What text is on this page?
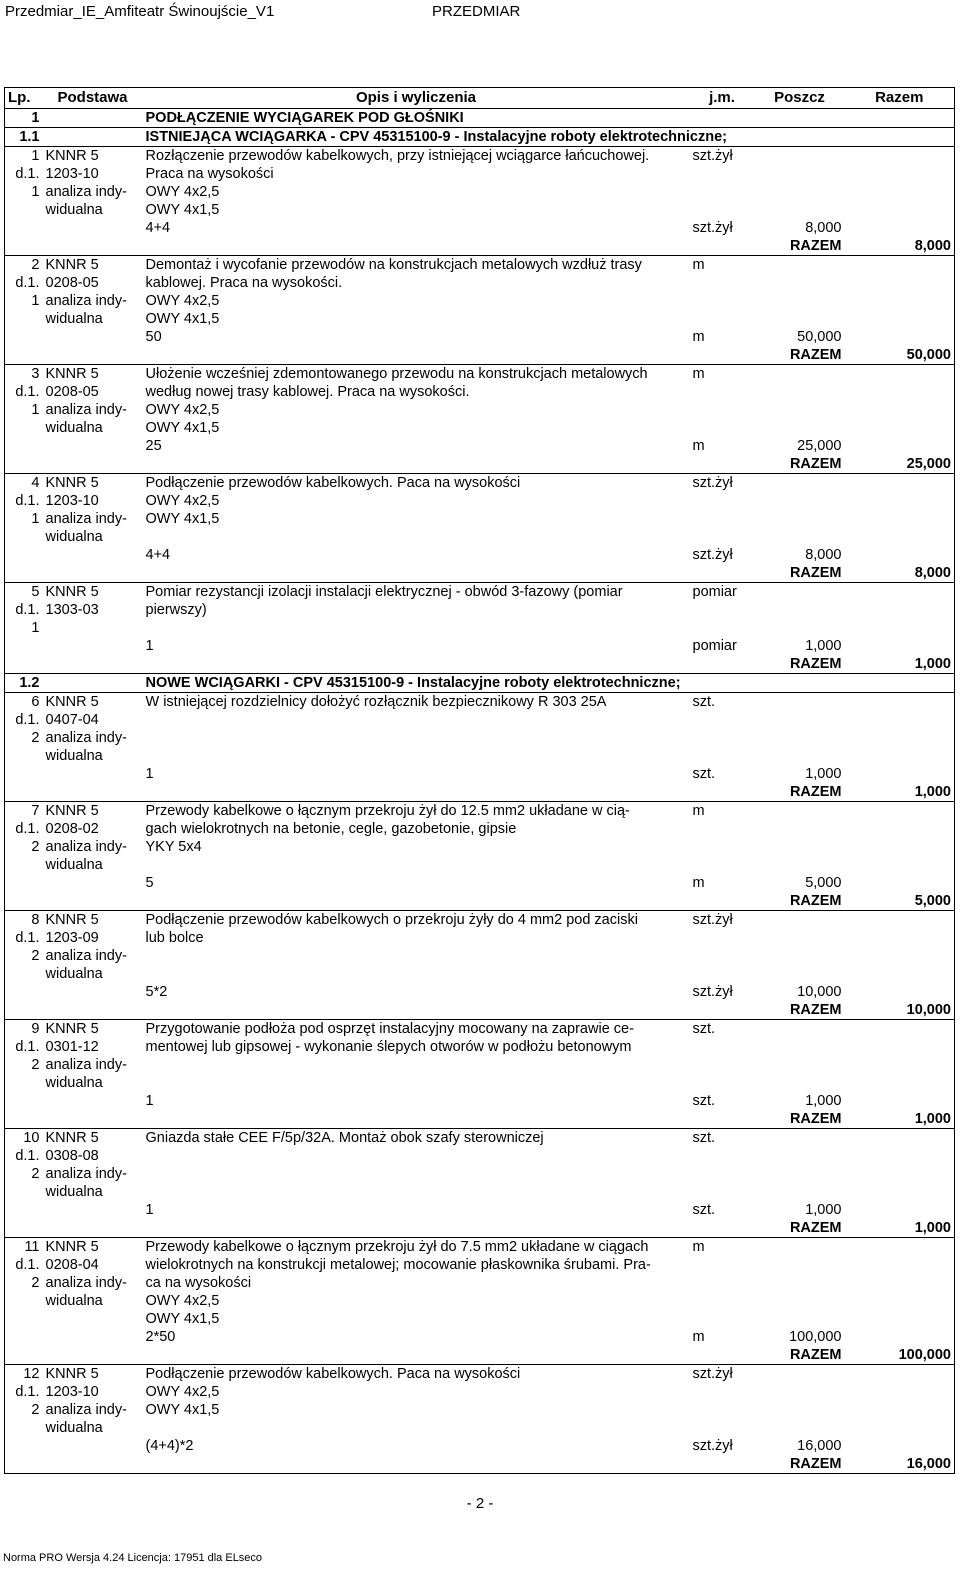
Przedmiar_IE_Amfiteatr Świnoujście_V1	PRZEDMIAR
Lp.	Podstawa	Opis i wyliczenia	j.m.	Poszcz	Razem
1		PODŁĄCZENIE WYCIĄGAREK POD GŁOŚNIKI			
1.1		ISTNIEJĄCA WCIĄGARKA - CPV 45315100-9 - Instalacyjne roboty elektrotechniczne;			
1	KNNR 5	Rozłączenie przewodów kabelkowych, przy istniejącej wciągarce łańcuchowej.	szt.żył		
d.1.	1203-10	Praca na wysokości			
1	analiza indy-	OWY 4x2,5			
	widualna	OWY 4x1,5			
		4+4	szt.żył	8,000	
				RAZEM	8,000
2	KNNR 5	Demontaż i wycofanie przewodów na konstrukcjach metalowych wzdłuż trasy	m		
d.1.	0208-05	kablowej. Praca na wysokości.			
1	analiza indy-	OWY 4x2,5			
	widualna	OWY 4x1,5			
		50	m	50,000	
				RAZEM	50,000
3	KNNR 5	Ułożenie wcześniej zdemontowanego przewodu na konstrukcjach metalowych	m		
d.1.	0208-05	według nowej trasy kablowej. Praca na wysokości.			
1	analiza indy-	OWY 4x2,5			
	widualna	OWY 4x1,5			
		25	m	25,000	
				RAZEM	25,000
4	KNNR 5	Podłączenie przewodów kabelkowych. Paca na wysokości	szt.żył		
d.1.	1203-10	OWY 4x2,5			
1	analiza indy-	OWY 4x1,5			
	widualna				
		4+4	szt.żył	8,000	
				RAZEM	8,000
5	KNNR 5	Pomiar rezystancji izolacji instalacji elektrycznej - obwód 3-fazowy (pomiar	pomiar		
d.1.	1303-03	pierwszy)			
1					
		1	pomiar	1,000	
				RAZEM	1,000
1.2		NOWE WCIĄGARKI - CPV 45315100-9 - Instalacyjne roboty elektrotechniczne;			
6	KNNR 5	W istniejącej rozdzielnicy dołożyć rozłącznik bezpiecznikowy R 303 25A	szt.		
d.1.	0407-04				
2	analiza indy-				
	widualna				
		1	szt.	1,000	
				RAZEM	1,000
7	KNNR 5	Przewody kabelkowe o łącznym przekroju żył do 12.5 mm2 układane w cią-	m		
d.1.	0208-02	gach wielokrotnych na betonie, cegle, gazobetonie, gipsie			
2	analiza indy-	YKY 5x4			
	widualna				
		5	m	5,000	
				RAZEM	5,000
8	KNNR 5	Podłączenie przewodów kabelkowych o przekroju żyły do 4 mm2 pod zaciski	szt.żył		
d.1.	1203-09	lub bolce			
2	analiza indy-				
	widualna				
		5*2	szt.żył	10,000	
				RAZEM	10,000
9	KNNR 5	Przygotowanie podłoża pod osprzęt instalacyjny mocowany na zaprawie ce-	szt.		
d.1.	0301-12	mentowej lub gipsowej - wykonanie ślepych otworów w podłożu betonowym			
2	analiza indy-				
	widualna				
		1	szt.	1,000	
				RAZEM	1,000
10	KNNR 5	Gniazda stałe CEE F/5p/32A. Montaż obok szafy sterowniczej	szt.		
d.1.	0308-08				
2	analiza indy-				
	widualna				
		1	szt.	1,000	
				RAZEM	1,000
11	KNNR 5	Przewody kabelkowe o łącznym przekroju żył do 7.5 mm2 układane w ciągach	m		
d.1.	0208-04	wielokrotnych na konstrukcji metalowej; mocowanie płaskownika śrubami. Pra-			
2	analiza indy-	ca na wysokości			
	widualna	OWY 4x2,5			
		OWY 4x1,5			
		2*50	m	100,000	
				RAZEM	100,000
12	KNNR 5	Podłączenie przewodów kabelkowych. Paca na wysokości	szt.żył		
d.1.	1203-10	OWY 4x2,5			
2	analiza indy-	OWY 4x1,5			
	widualna				
		(4+4)*2	szt.żył	16,000	
				RAZEM	16,000
- 2 -
Norma PRO Wersja 4.24 Licencja: 17951 dla ELseco
